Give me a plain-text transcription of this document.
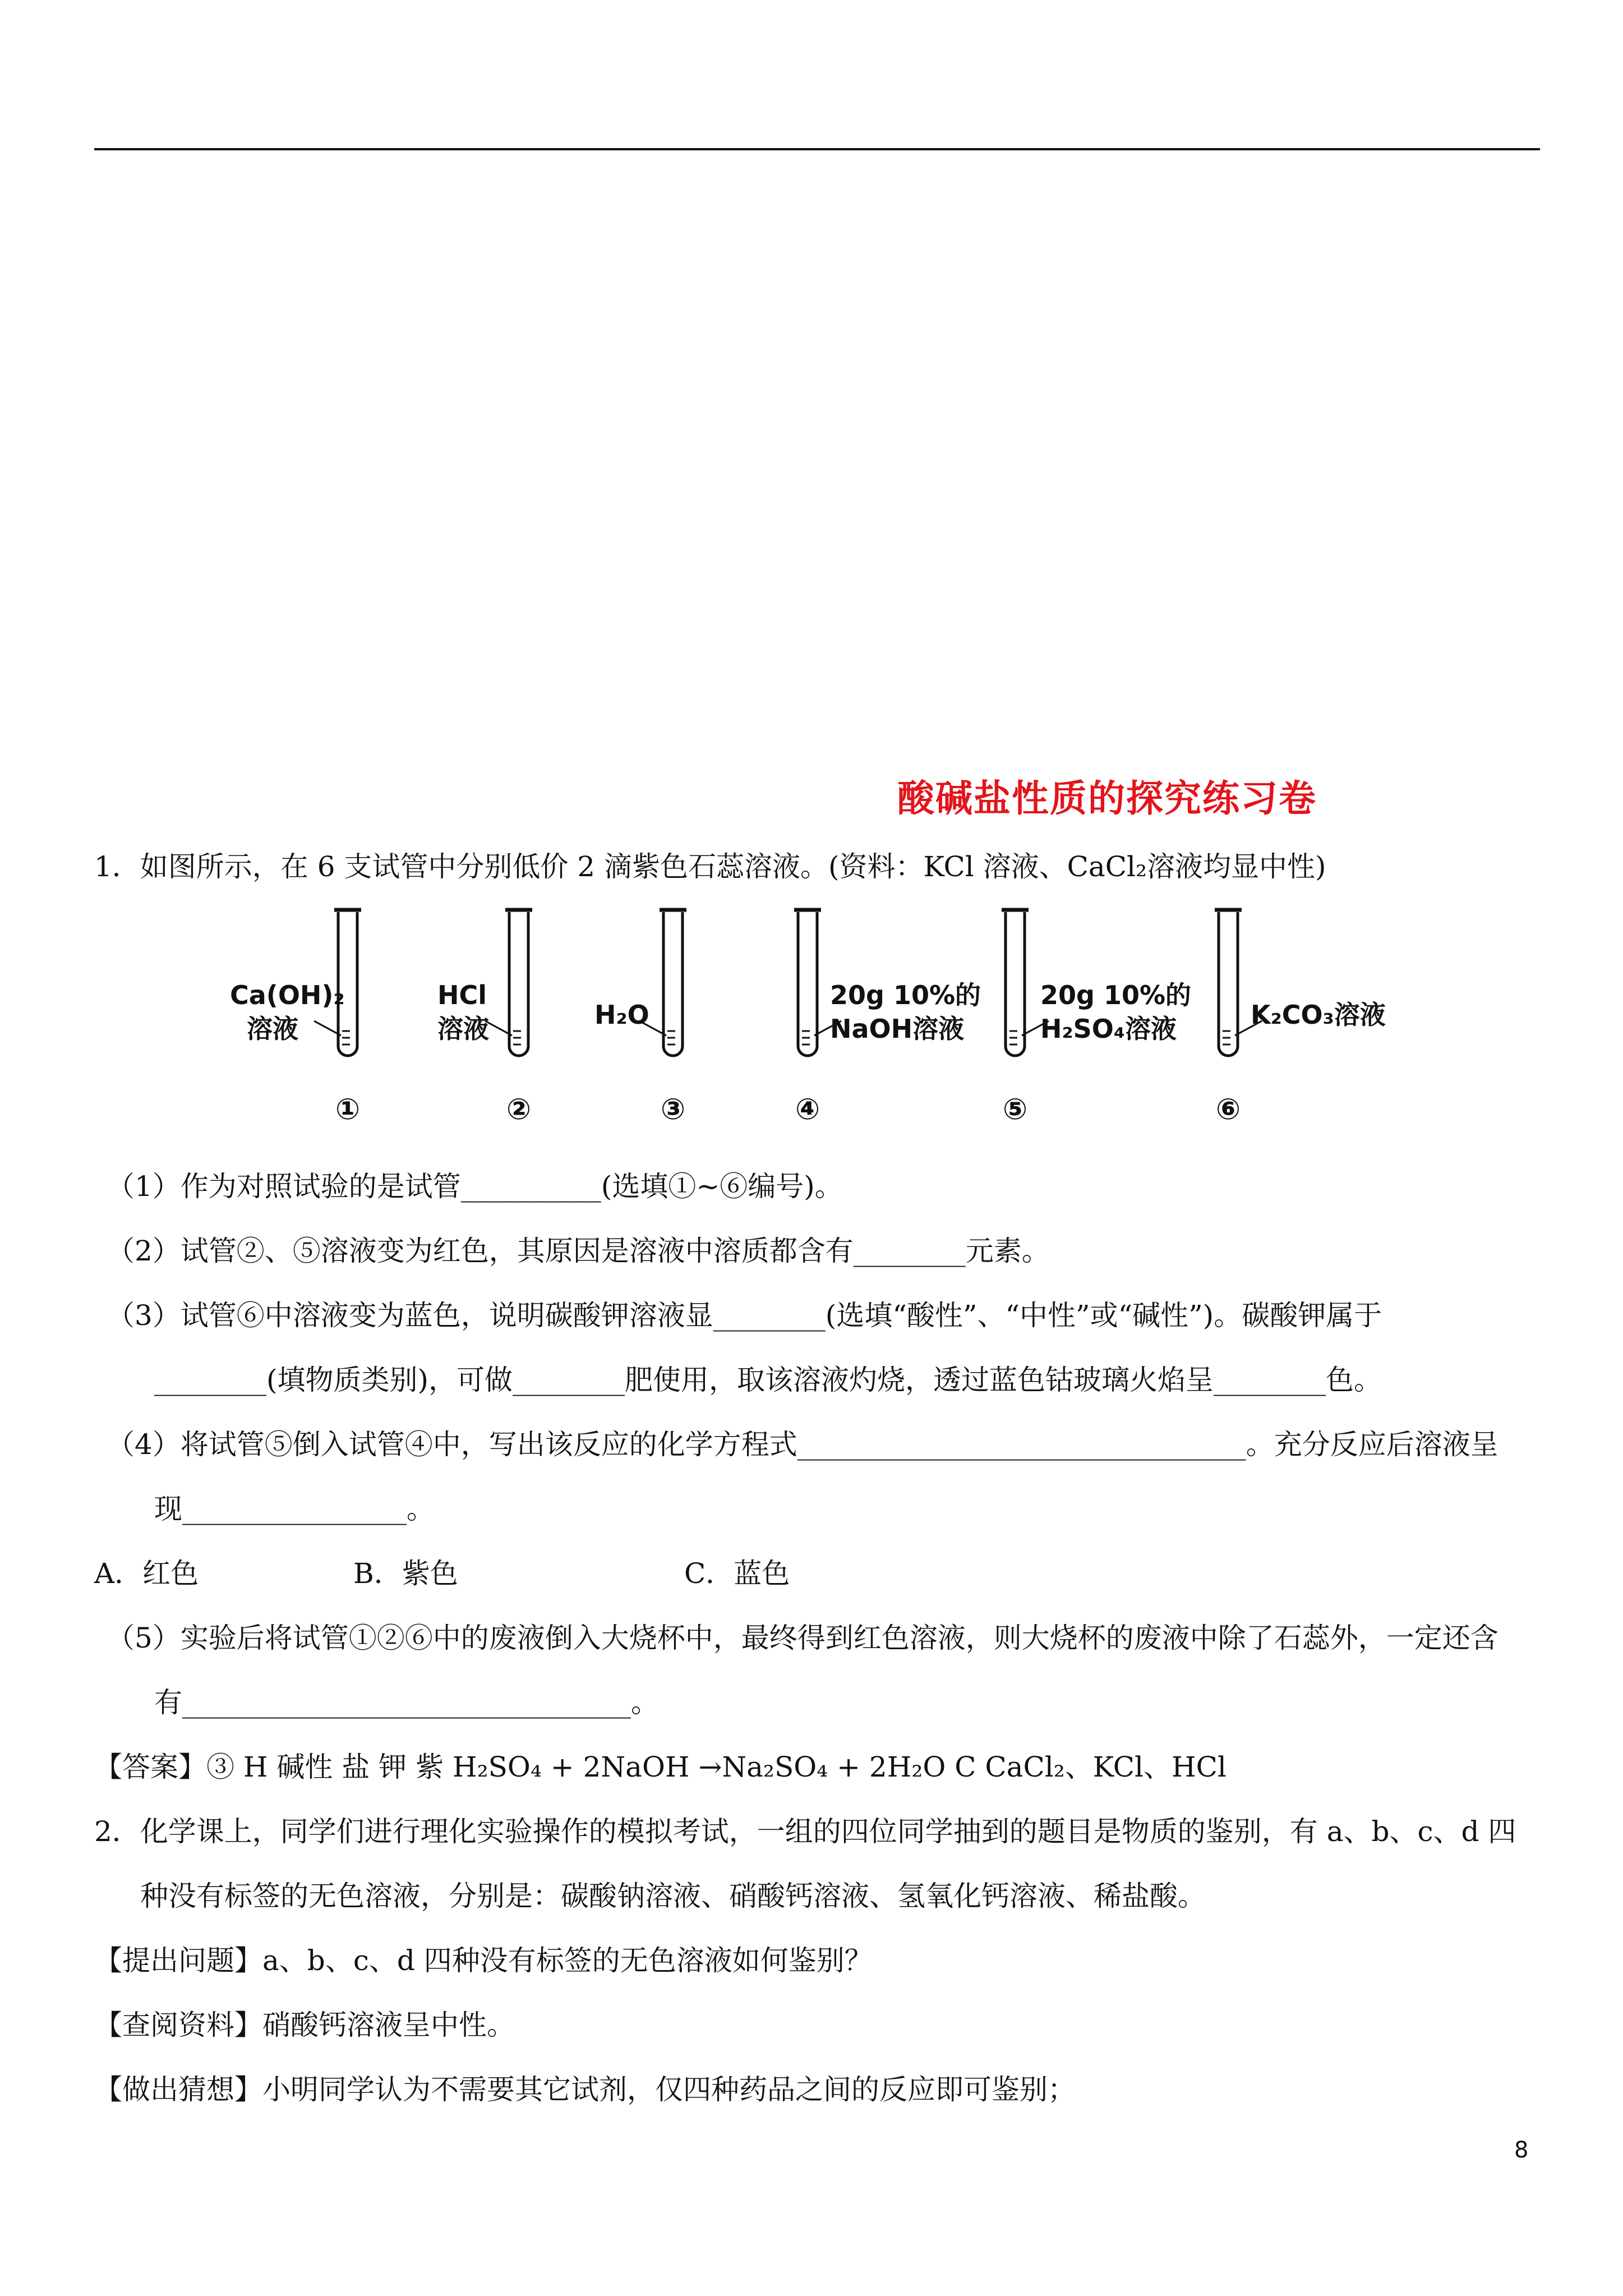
酸碱盐性质的探究练习卷
1．如图所示，在 6 支试管中分别低价 2 滴紫色石蕊溶液。(资料：KCl 溶液、CaCl₂溶液均显中性)
Ca(OH)₂
溶液
①
HCl
溶液
②
H₂O
③
20g 10%的
NaOH溶液
④
20g 10%的
H₂SO₄溶液
⑤
K₂CO₃溶液
⑥
（1）作为对照试验的是试管__________(选填①~⑥编号)。
（2）试管②、⑤溶液变为红色，其原因是溶液中溶质都含有________元素。
（3）试管⑥中溶液变为蓝色，说明碳酸钾溶液显________(选填“酸性”、“中性”或“碱性”)。碳酸钾属于
________(填物质类别)，可做________肥使用，取该溶液灼烧，透过蓝色钴玻璃火焰呈________色。
（4）将试管⑤倒入试管④中，写出该反应的化学方程式________________________________。充分反应后溶液呈
现________________。
A．红色	B．紫色	C．蓝色
（5）实验后将试管①②⑥中的废液倒入大烧杯中，最终得到红色溶液，则大烧杯的废液中除了石蕊外，一定还含
有________________________________。
【答案】③ H 碱性 盐 钾 紫 H₂SO₄ + 2NaOH →Na₂SO₄ + 2H₂O C CaCl₂、KCl、HCl
2．化学课上，同学们进行理化实验操作的模拟考试，一组的四位同学抽到的题目是物质的鉴别，有 a、b、c、d 四
种没有标签的无色溶液，分别是：碳酸钠溶液、硝酸钙溶液、氢氧化钙溶液、稀盐酸。
【提出问题】a、b、c、d 四种没有标签的无色溶液如何鉴别？
【查阅资料】硝酸钙溶液呈中性。
【做出猜想】小明同学认为不需要其它试剂，仅四种药品之间的反应即可鉴别；
8
